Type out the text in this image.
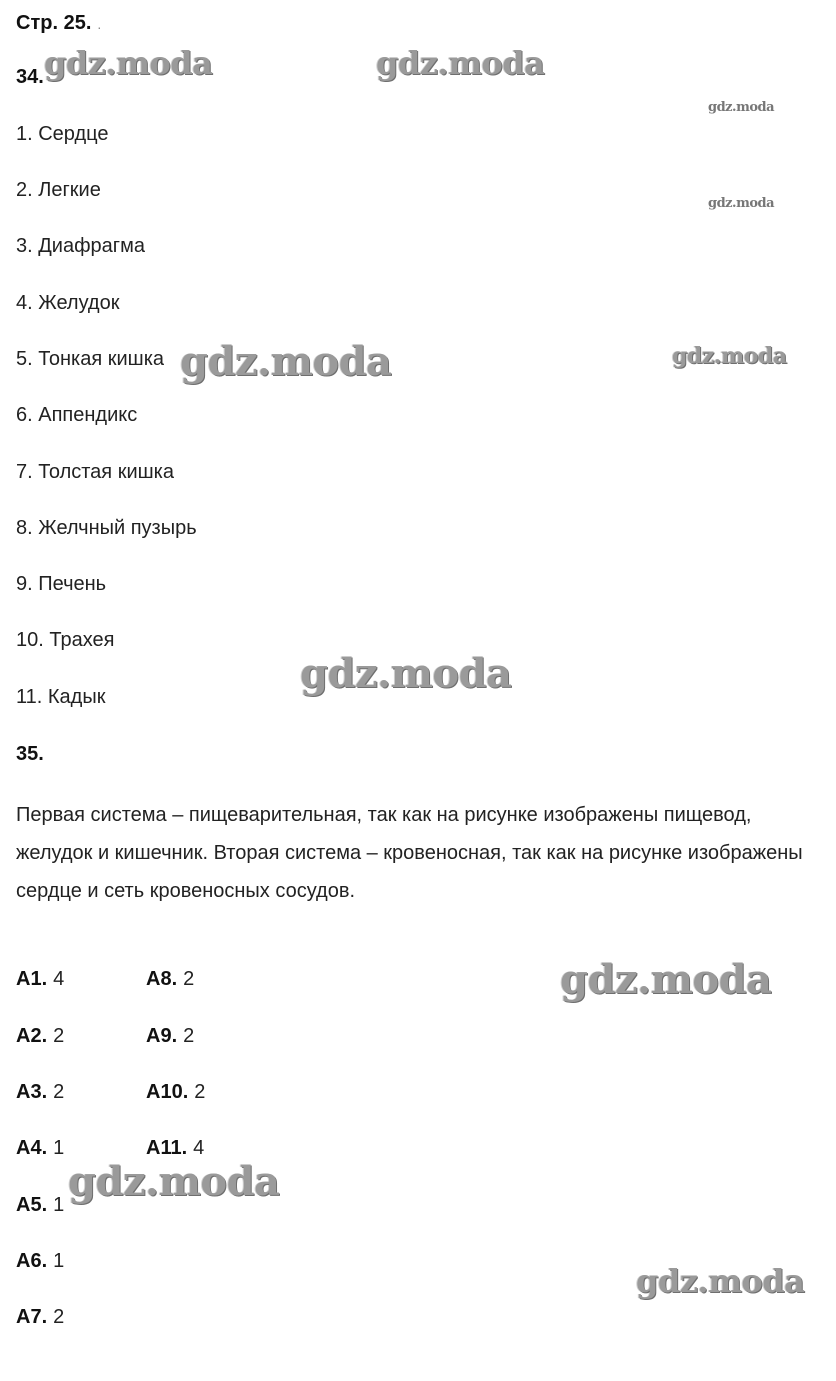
Стр. 25. .
34.
1. Сердце
2. Легкие
3. Диафрагма
4. Желудок
5. Тонкая кишка
6. Аппендикс
7. Толстая кишка
8. Желчный пузырь
9. Печень
10. Трахея
11. Кадык
35.
Первая система – пищеварительная, так как на рисунке изображены пищевод, желудок и кишечник. Вторая система – кровеносная, так как на рисунке изображены сердце и сеть кровеносных сосудов.
А1. 4
А2. 2
А3. 2
А4. 1
А5. 1
А6. 1
А7. 2
А8. 2
А9. 2
А10. 2
А11. 4
gdz.moda	gdz.moda
gdz.moda
gdz.moda
gdz.moda	gdz.moda
gdz.moda
gdz.moda
gdz.moda
gdz.moda
